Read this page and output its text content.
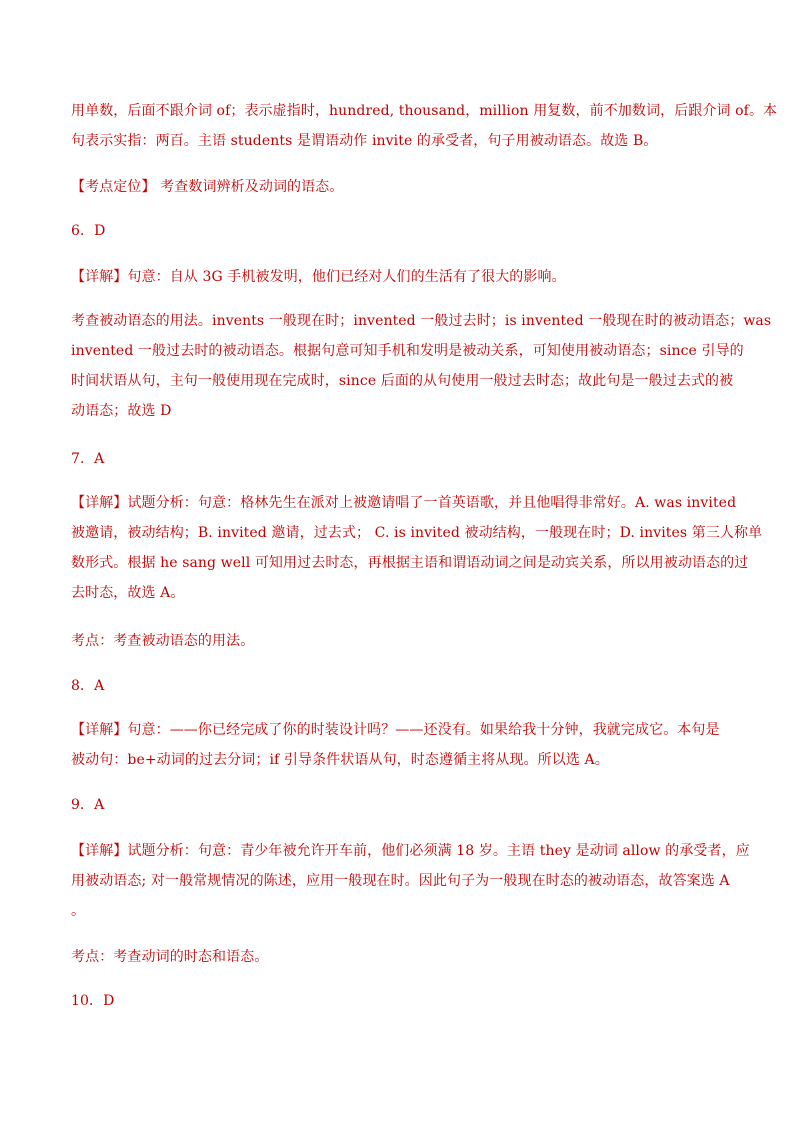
用单数，后面不跟介词 of；表示虚指时，hundred, thousand，million 用复数，前不加数词，后跟介词 of。本
句表示实指：两百。主语 students 是谓语动作 invite 的承受者，句子用被动语态。故选 B。
【考点定位】 考查数词辨析及动词的语态。
6．D
【详解】句意：自从 3G 手机被发明，他们已经对人们的生活有了很大的影响。
考查被动语态的用法。invents 一般现在时；invented 一般过去时；is invented 一般现在时的被动语态；was
invented 一般过去时的被动语态。根据句意可知手机和发明是被动关系，可知使用被动语态；since 引导的
时间状语从句，主句一般使用现在完成时，since 后面的从句使用一般过去时态；故此句是一般过去式的被
动语态；故选 D
7．A
【详解】试题分析：句意：格林先生在派对上被邀请唱了一首英语歌，并且他唱得非常好。A. was invited
被邀请，被动结构；B. invited 邀请，过去式； C. is invited 被动结构，一般现在时；D. invites 第三人称单
数形式。根据 he sang well 可知用过去时态，再根据主语和谓语动词之间是动宾关系，所以用被动语态的过
去时态，故选 A。
考点：考查被动语态的用法。
8．A
【详解】句意：——你已经完成了你的时装设计吗？——还没有。如果给我十分钟，我就完成它。本句是
被动句：be+动词的过去分词；if 引导条件状语从句，时态遵循主将从现。所以选 A。
9．A
【详解】试题分析：句意：青少年被允许开车前，他们必须满 18 岁。主语 they 是动词 allow 的承受者，应
用被动语态; 对一般常规情况的陈述，应用一般现在时。因此句子为一般现在时态的被动语态，故答案选 A
。
考点：考查动词的时态和语态。
10．D
